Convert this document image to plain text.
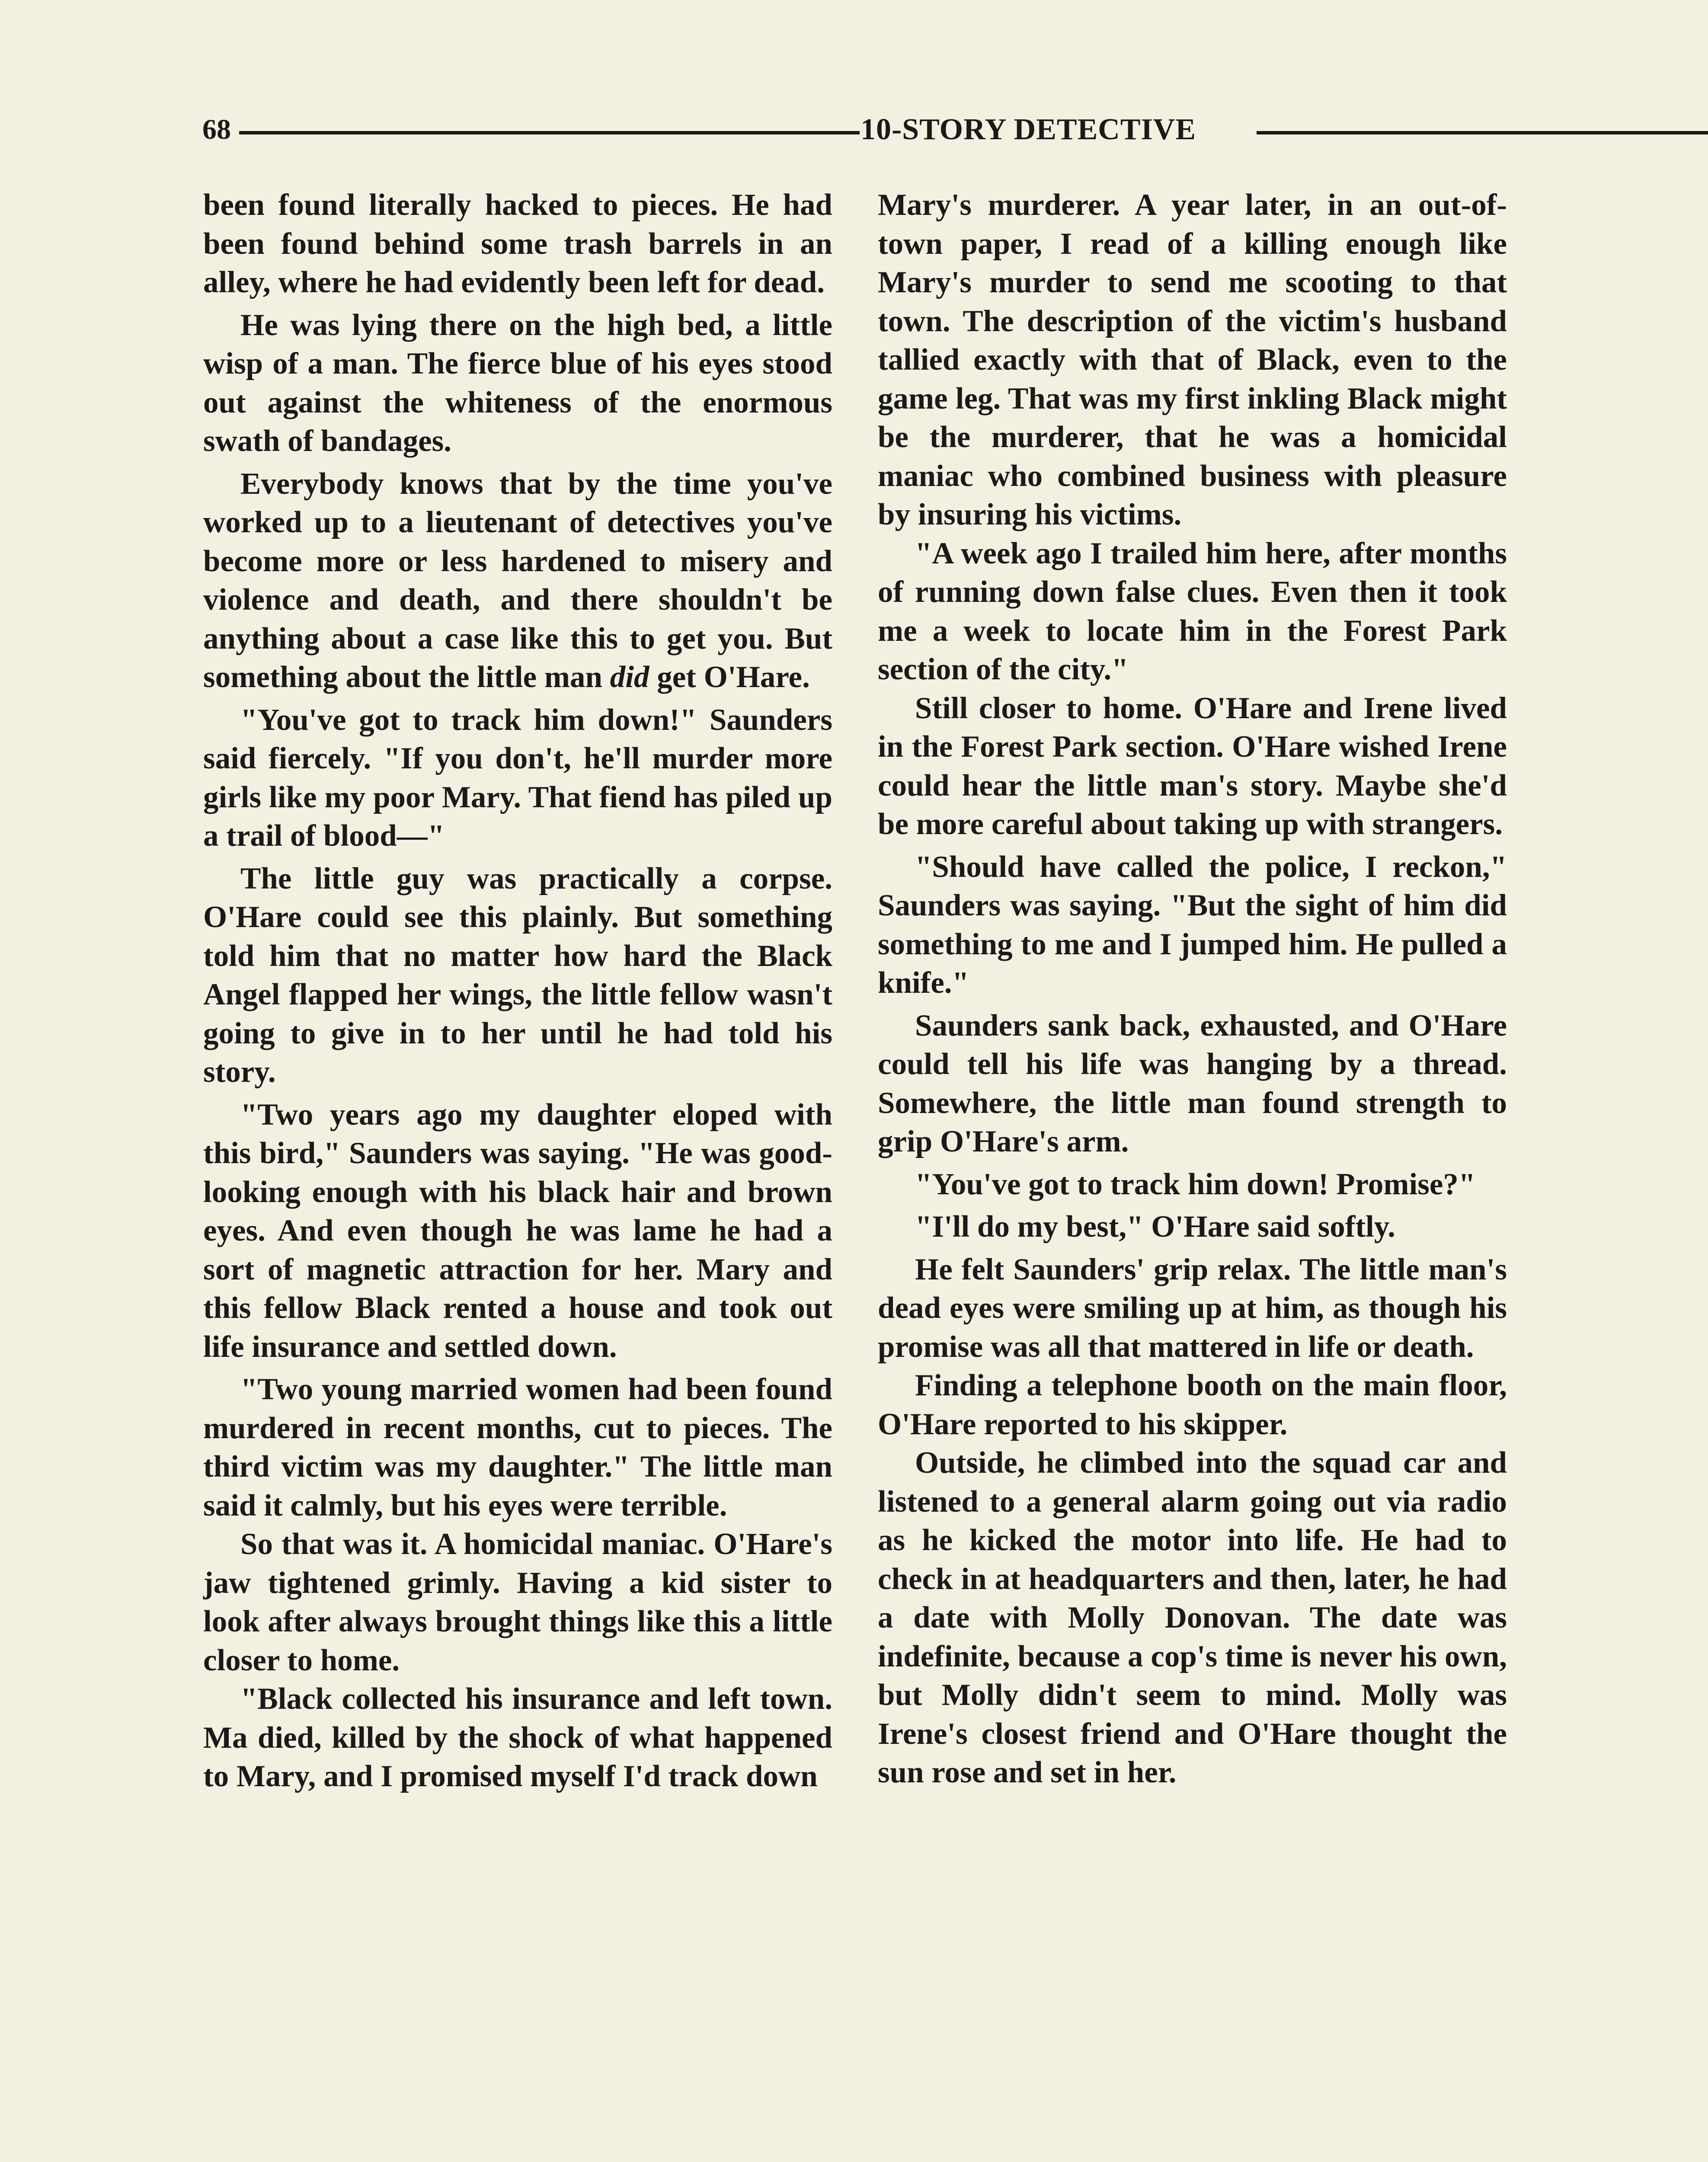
68	10-STORY DETECTIVE

been found literally hacked to pieces. He had been found behind some trash barrels in an alley, where he had evidently been left for dead.

He was lying there on the high bed, a little wisp of a man. The fierce blue of his eyes stood out against the whiteness of the enormous swath of bandages.

Everybody knows that by the time you've worked up to a lieutenant of detectives you've become more or less hardened to misery and violence and death, and there shouldn't be anything about a case like this to get you. But something about the little man did get O'Hare.

"You've got to track him down!" Saunders said fiercely. "If you don't, he'll murder more girls like my poor Mary. That fiend has piled up a trail of blood—"

The little guy was practically a corpse. O'Hare could see this plainly. But something told him that no matter how hard the Black Angel flapped her wings, the little fellow wasn't going to give in to her until he had told his story.

"Two years ago my daughter eloped with this bird," Saunders was saying. "He was good-looking enough with his black hair and brown eyes. And even though he was lame he had a sort of magnetic attraction for her. Mary and this fellow Black rented a house and took out life insurance and settled down.

"Two young married women had been found murdered in recent months, cut to pieces. The third victim was my daughter." The little man said it calmly, but his eyes were terrible.

So that was it. A homicidal maniac. O'Hare's jaw tightened grimly. Having a kid sister to look after always brought things like this a little closer to home.

"Black collected his insurance and left town. Ma died, killed by the shock of what happened to Mary, and I promised myself I'd track down

Mary's murderer. A year later, in an out-of-town paper, I read of a killing enough like Mary's murder to send me scooting to that town. The description of the victim's husband tallied exactly with that of Black, even to the game leg. That was my first inkling Black might be the murderer, that he was a homicidal maniac who combined business with pleasure by insuring his victims.

"A week ago I trailed him here, after months of running down false clues. Even then it took me a week to locate him in the Forest Park section of the city."

Still closer to home. O'Hare and Irene lived in the Forest Park section. O'Hare wished Irene could hear the little man's story. Maybe she'd be more careful about taking up with strangers.

"Should have called the police, I reckon," Saunders was saying. "But the sight of him did something to me and I jumped him. He pulled a knife."

Saunders sank back, exhausted, and O'Hare could tell his life was hanging by a thread. Somewhere, the little man found strength to grip O'Hare's arm.

"You've got to track him down! Promise?"

"I'll do my best," O'Hare said softly.

He felt Saunders' grip relax. The little man's dead eyes were smiling up at him, as though his promise was all that mattered in life or death.

Finding a telephone booth on the main floor, O'Hare reported to his skipper.

Outside, he climbed into the squad car and listened to a general alarm going out via radio as he kicked the motor into life. He had to check in at headquarters and then, later, he had a date with Molly Donovan. The date was indefinite, because a cop's time is never his own, but Molly didn't seem to mind. Molly was Irene's closest friend and O'Hare thought the sun rose and set in her.
